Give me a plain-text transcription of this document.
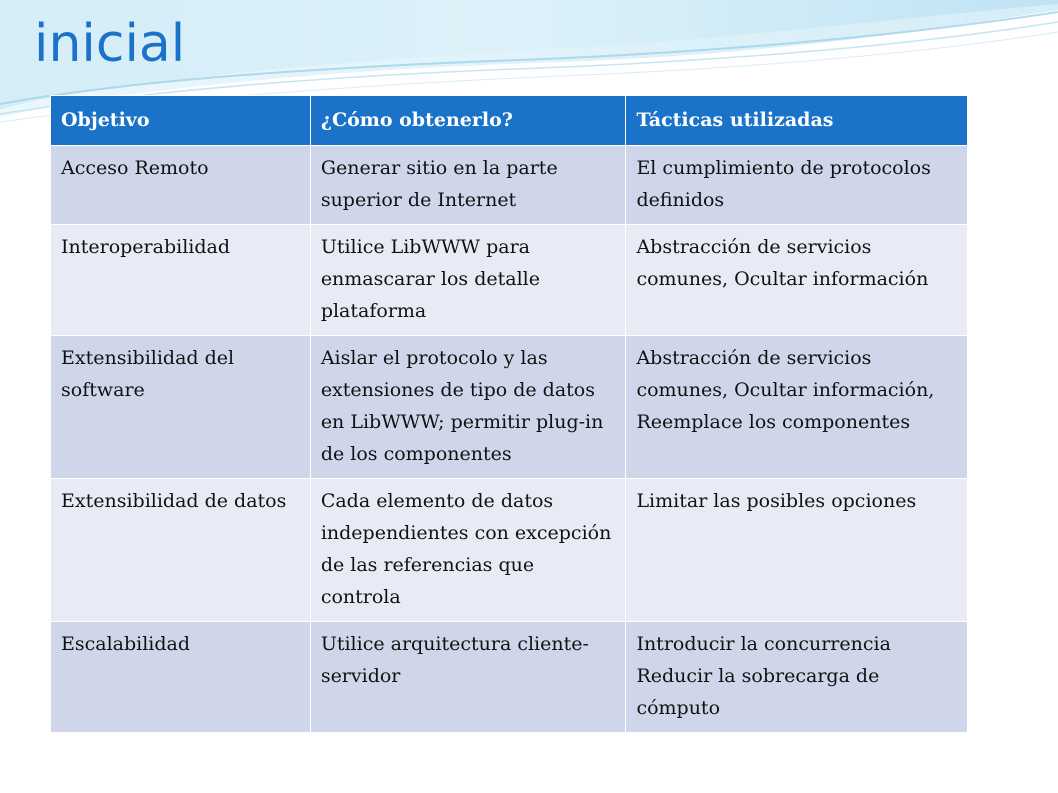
inicial
Objetivo	¿Cómo obtenerlo?	Tácticas utilizadas
Acceso Remoto	Generar sitio en la parte superior de Internet	El cumplimiento de protocolos definidos
Interoperabilidad	Utilice LibWWW para enmascarar los detalle plataforma	Abstracción de servicios comunes, Ocultar información
Extensibilidad del software	Aislar el protocolo y las extensiones de tipo de datos en LibWWW; permitir plug-in de los componentes	Abstracción de servicios comunes, Ocultar información, Reemplace los componentes
Extensibilidad de datos	Cada elemento de datos independientes con excepción de las referencias que controla	Limitar las posibles opciones
Escalabilidad	Utilice arquitectura cliente-servidor	Introducir la concurrencia Reducir la sobrecarga de cómputo
